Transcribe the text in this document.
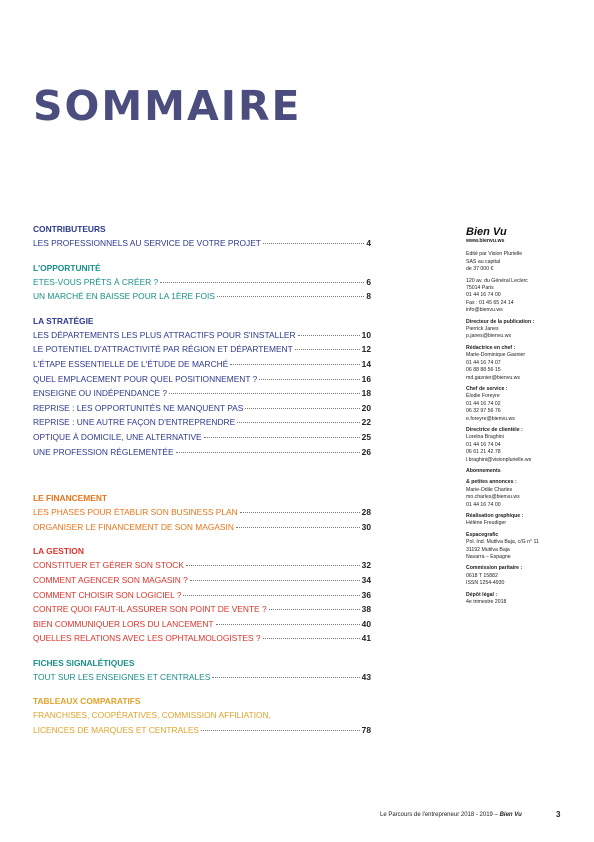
SOMMAIRE
CONTRIBUTEURS
LES PROFESSIONNELS AU SERVICE DE VOTRE PROJET	4
L'OPPORTUNITÉ
ETES-VOUS PRÊTS À CRÉER ?	6
UN MARCHÉ EN BAISSE POUR LA 1ÈRE FOIS	8
LA STRATÉGIE
LES DÉPARTEMENTS LES PLUS ATTRACTIFS POUR S'INSTALLER	10
LE POTENTIEL D'ATTRACTIVITÉ PAR RÉGION ET DÉPARTEMENT	12
L'ÉTAPE ESSENTIELLE DE L'ÉTUDE DE MARCHÉ	14
QUEL EMPLACEMENT POUR QUEL POSITIONNEMENT ?	16
ENSEIGNE OU INDÉPENDANCE ?	18
REPRISE : LES OPPORTUNITÉS NE MANQUENT PAS	20
REPRISE : UNE AUTRE FAÇON D'ENTREPRENDRE	22
OPTIQUE À DOMICILE, UNE ALTERNATIVE	25
UNE PROFESSION RÉGLEMENTÉE	26
LE FINANCEMENT
LES PHASES POUR ÉTABLIR SON BUSINESS PLAN	28
ORGANISER LE FINANCEMENT DE SON MAGASIN	30
LA GESTION
CONSTITUER ET GÉRER SON STOCK	32
COMMENT AGENCER SON MAGASIN ?	34
COMMENT CHOISIR SON LOGICIEL ?	36
CONTRE QUOI FAUT-IL ASSURER SON POINT DE VENTE ?	38
BIEN COMMUNIQUER LORS DU LANCEMENT	40
QUELLES RELATIONS AVEC LES OPHTALMOLOGISTES ?	41
FICHES SIGNALÉTIQUES
TOUT SUR LES ENSEIGNES ET CENTRALES	43
TABLEAUX COMPARATIFS
FRANCHISES, COOPÉRATIVES, COMMISSION AFFILIATION,
LICENCES DE MARQUES ET CENTRALES	78
Bien Vu
www.bienvu.ws
Edité par Vision Plurielle
SAS au capital
de 37 000 €
120 av. du Général Leclerc
75014 Paris
01 44 16 74 00
Fax : 01 45 65 24 14
info@bienvu.ws
Directeur de la publication :
Pierrick Janes
p.janes@bienvu.ws
Rédactrice en chef :
Marie-Dominique Gasnier
01 44 16 74 07
06 88 88 56 15
md.gasnier@bienvu.ws
Chef de service :
Élodie Foreyre
01 44 16 74 02
06 32 97 56 76
e.foreyre@bienvu.ws
Directrice de clientèle :
Lorelna Braghini
01 44 16 74 04
06 61 21 42 78
l.braghini@visionplurielle.ws
Abonnements
& petites annonces :
Marie-Odile Charles
mo.charles@bienvu.ws
01 44 16 74 00
Réalisation graphique :
Hélène Freudiger
Espacegrafic
Pol. Ind. Mutilva Baja, c/G n° 11
31192 Mutilva Baja
Navarra – Espagne
Commission paritaire :
0618 T 15882
ISSN 1254-4930
Dépôt légal :
4e trimestre 2018
Le Parcours de l'entrepreneur 2018 - 2019 – Bien Vu	3
